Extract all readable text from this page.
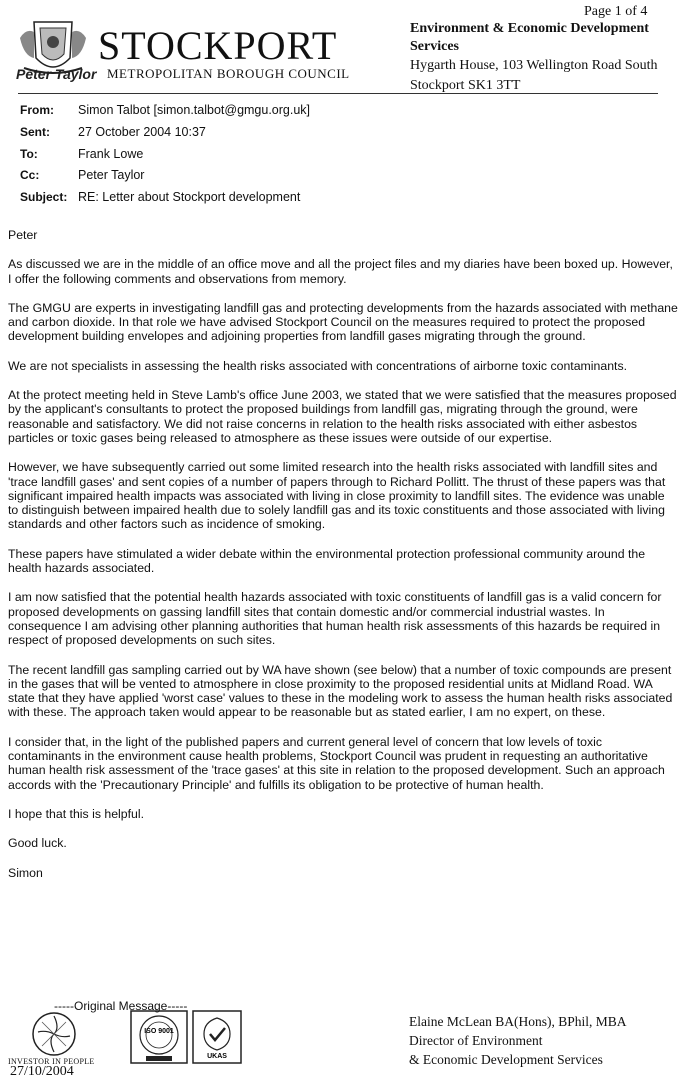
Page 1 of 4
STOCKPORT
METROPOLITAN BOROUGH COUNCIL
Peter Taylor
Environment & Economic Development Services
Hygarth House, 103 Wellington Road South
Stockport SK1 3TT
From: Simon Talbot [simon.talbot@gmgu.org.uk]
Sent: 27 October 2004 10:37
To:	Frank Lowe
Cc:	Peter Taylor
Subject: RE: Letter about Stockport development

Peter

As discussed we are in the middle of an office move and all the project files and my diaries have been boxed up. However, I offer the following comments and observations from memory.

The GMGU are experts in investigating landfill gas and protecting developments from the hazards associated with methane and carbon dioxide. In that role we have advised Stockport Council on the measures required to protect the proposed development building envelopes and adjoining properties from landfill gases migrating through the ground.

We are not specialists in assessing the health risks associated with concentrations of airborne toxic contaminants.

At the protect meeting held in Steve Lamb's office June 2003, we stated that we were satisfied that the measures proposed by the applicant's consultants to protect the proposed buildings from landfill gas, migrating through the ground, were reasonable and satisfactory. We did not raise concerns in relation to the health risks associated with either asbestos particles or toxic gases being released to atmosphere as these issues were outside of our expertise.

However, we have subsequently carried out some limited research into the health risks associated with landfill sites and 'trace landfill gases' and sent copies of a number of papers through to Richard Pollitt. The thrust of these papers was that significant impaired health impacts was associated with living in close proximity to landfill sites. The evidence was unable to distinguish between impaired health due to solely landfill gas and its toxic constituents and those associated with living standards and other factors such as incidence of smoking.

These papers have stimulated a wider debate within the environmental protection professional community around the health hazards associated.

I am now satisfied that the potential health hazards associated with toxic constituents of landfill gas is a valid concern for proposed developments on gassing landfill sites that contain domestic and/or commercial industrial wastes. In consequence I am advising other planning authorities that human health risk assessments of this hazards be required in respect of proposed developments on such sites.

The recent landfill gas sampling carried out by WA have shown (see below) that a number of toxic compounds are present in the gases that will be vented to atmosphere in close proximity to the proposed residential units at Midland Road. WA state that they have applied 'worst case' values to these in the modeling work to assess the human health risks associated with these. The approach taken would appear to be reasonable but as stated earlier, I am no expert, on these.

I consider that, in the light of the published papers and current general level of concern that low levels of toxic contaminants in the environment cause health problems, Stockport Council was prudent in requesting an authoritative human health risk assessment of the 'trace gases' at this site in relation to the proposed development. Such an approach accords with the 'Precautionary Principle' and fulfills its obligation to be protective of human health.

I hope that this is helpful.

Good luck.

Simon

-----Original Message-----
INVESTOR IN PEOPLE
27/10/2004
ISO 9001
UKAS
Elaine McLean BA(Hons), BPhil, MBA
Director of Environment
& Economic Development Services
